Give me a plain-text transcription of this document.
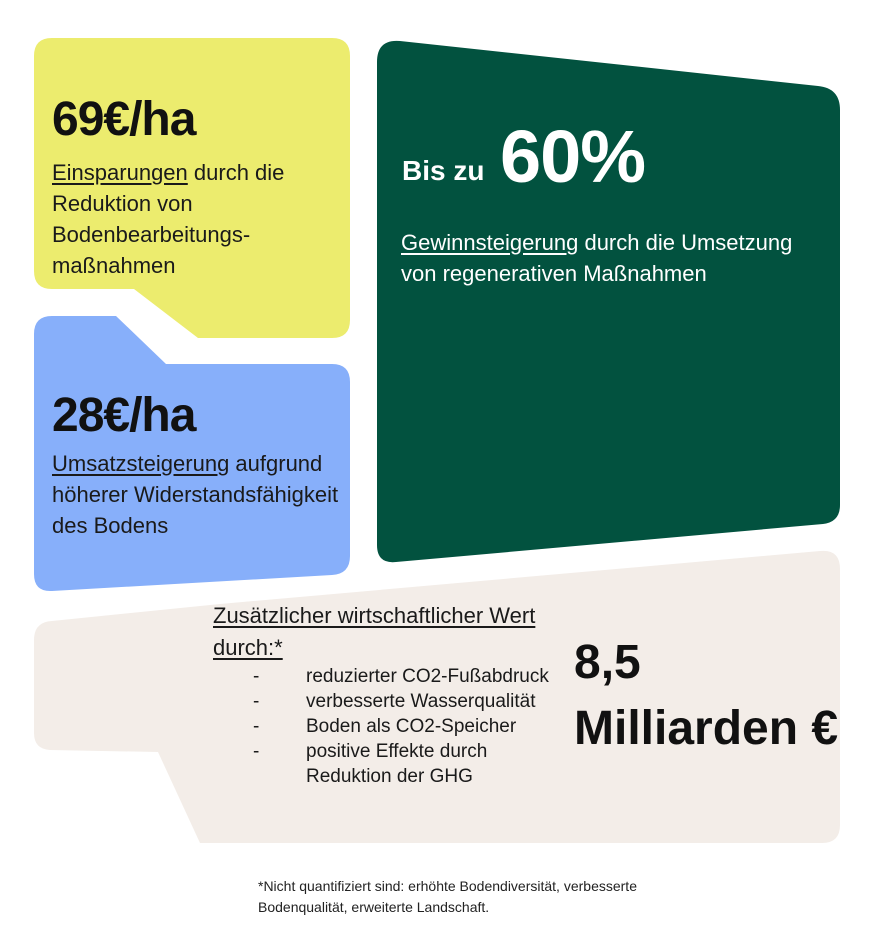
69€/ha
Einsparungen durch die Reduktion von Bodenbearbeitungs-maßnahmen
28€/ha
Umsatzsteigerung aufgrund höherer Widerstandsfähigkeit des Bodens
Bis zu 60%
Gewinnsteigerung durch die Umsetzung von regenerativen Maßnahmen
Zusätzlicher wirtschaftlicher Wert durch:*
- reduzierter CO2-Fußabdruck
- verbesserte Wasserqualität
- Boden als CO2-Speicher
- positive Effekte durch Reduktion der GHG
8,5 Milliarden €
*Nicht quantifiziert sind: erhöhte Bodendiversität, verbesserte Bodenqualität, erweiterte Landschaft.
